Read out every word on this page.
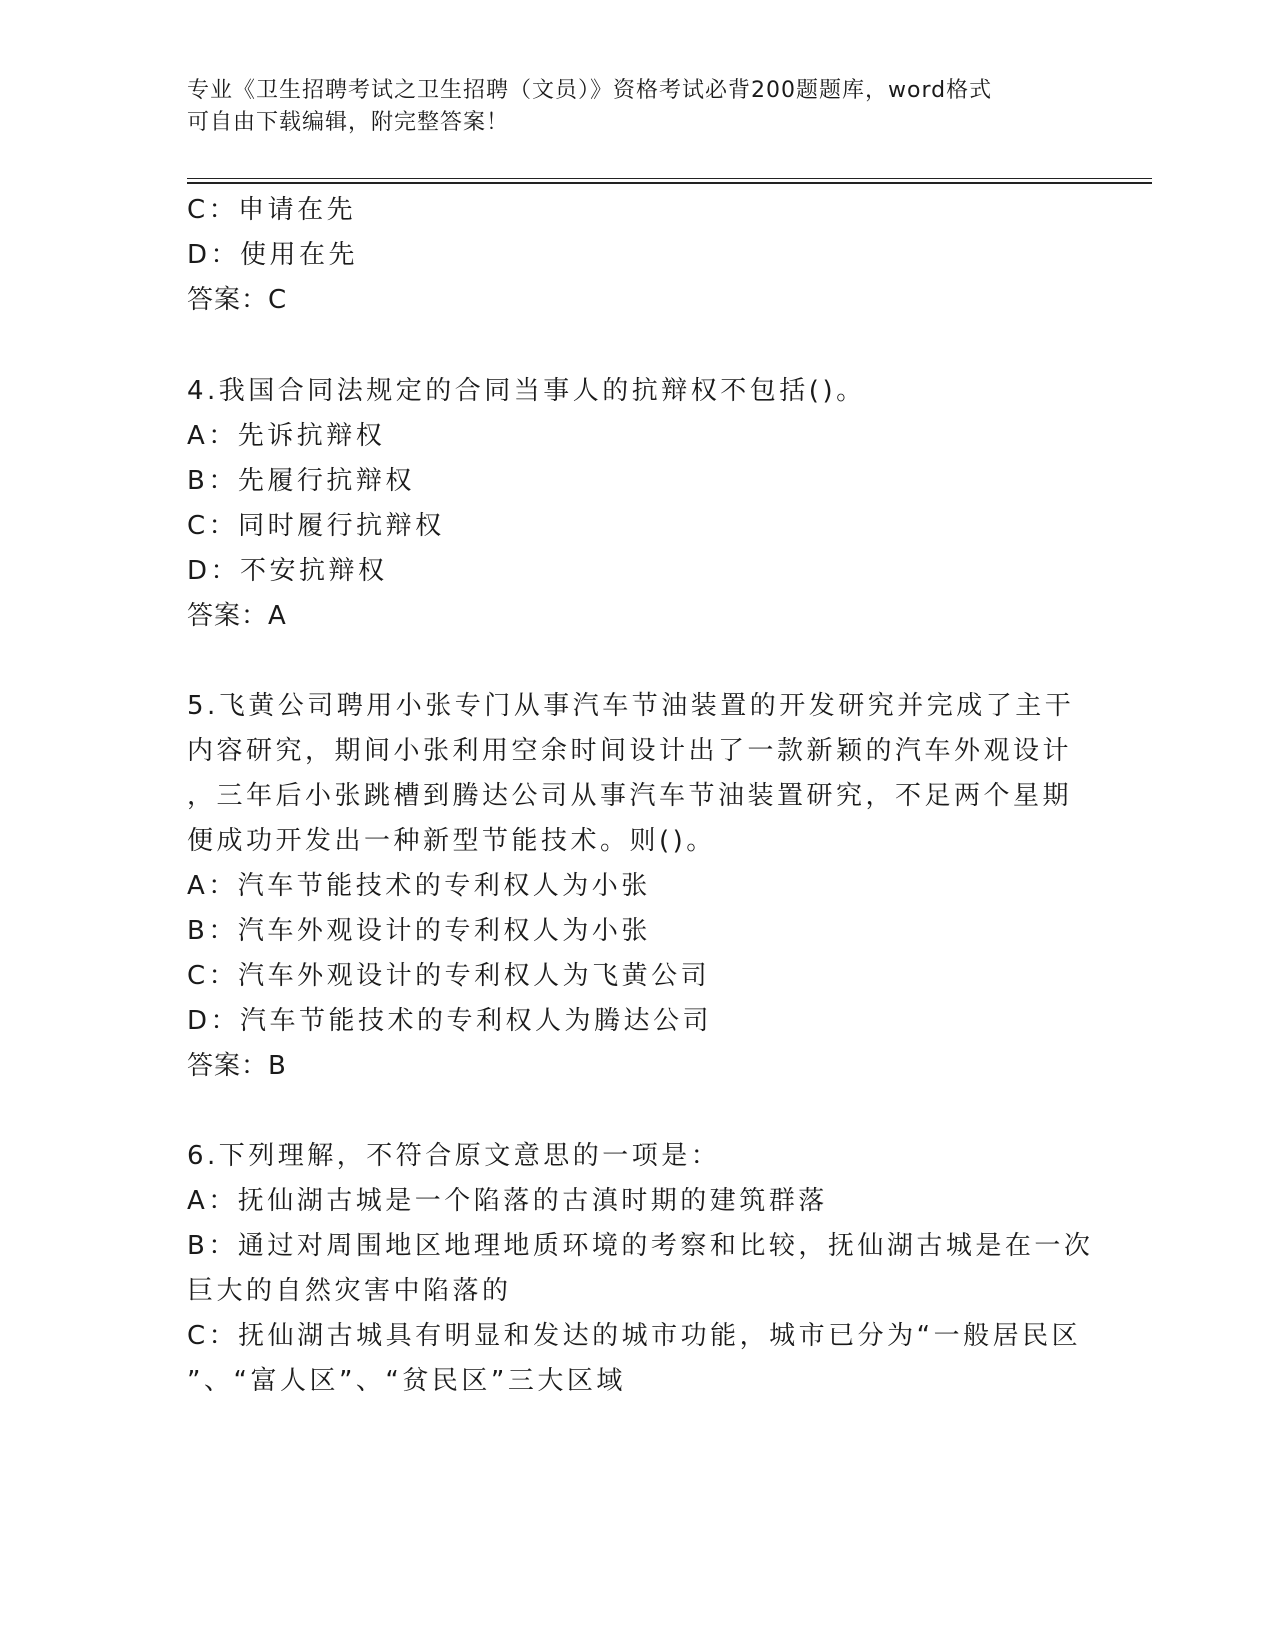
专业《卫生招聘考试之卫生招聘（文员）》资格考试必背200题题库，word格式
可自由下载编辑，附完整答案！
C：申请在先
D：使用在先
答案：C
4.我国合同法规定的合同当事人的抗辩权不包括()。
A：先诉抗辩权
B：先履行抗辩权
C：同时履行抗辩权
D：不安抗辩权
答案：A
5.飞黄公司聘用小张专门从事汽车节油装置的开发研究并完成了主干
内容研究，期间小张利用空余时间设计出了一款新颖的汽车外观设计
，三年后小张跳槽到腾达公司从事汽车节油装置研究，不足两个星期
便成功开发出一种新型节能技术。则()。
A：汽车节能技术的专利权人为小张
B：汽车外观设计的专利权人为小张
C：汽车外观设计的专利权人为飞黄公司
D：汽车节能技术的专利权人为腾达公司
答案：B
6.下列理解，不符合原文意思的一项是：
A：抚仙湖古城是一个陷落的古滇时期的建筑群落
B：通过对周围地区地理地质环境的考察和比较，抚仙湖古城是在一次
巨大的自然灾害中陷落的
C：抚仙湖古城具有明显和发达的城市功能，城市已分为“一般居民区
”、“富人区”、“贫民区”三大区域
